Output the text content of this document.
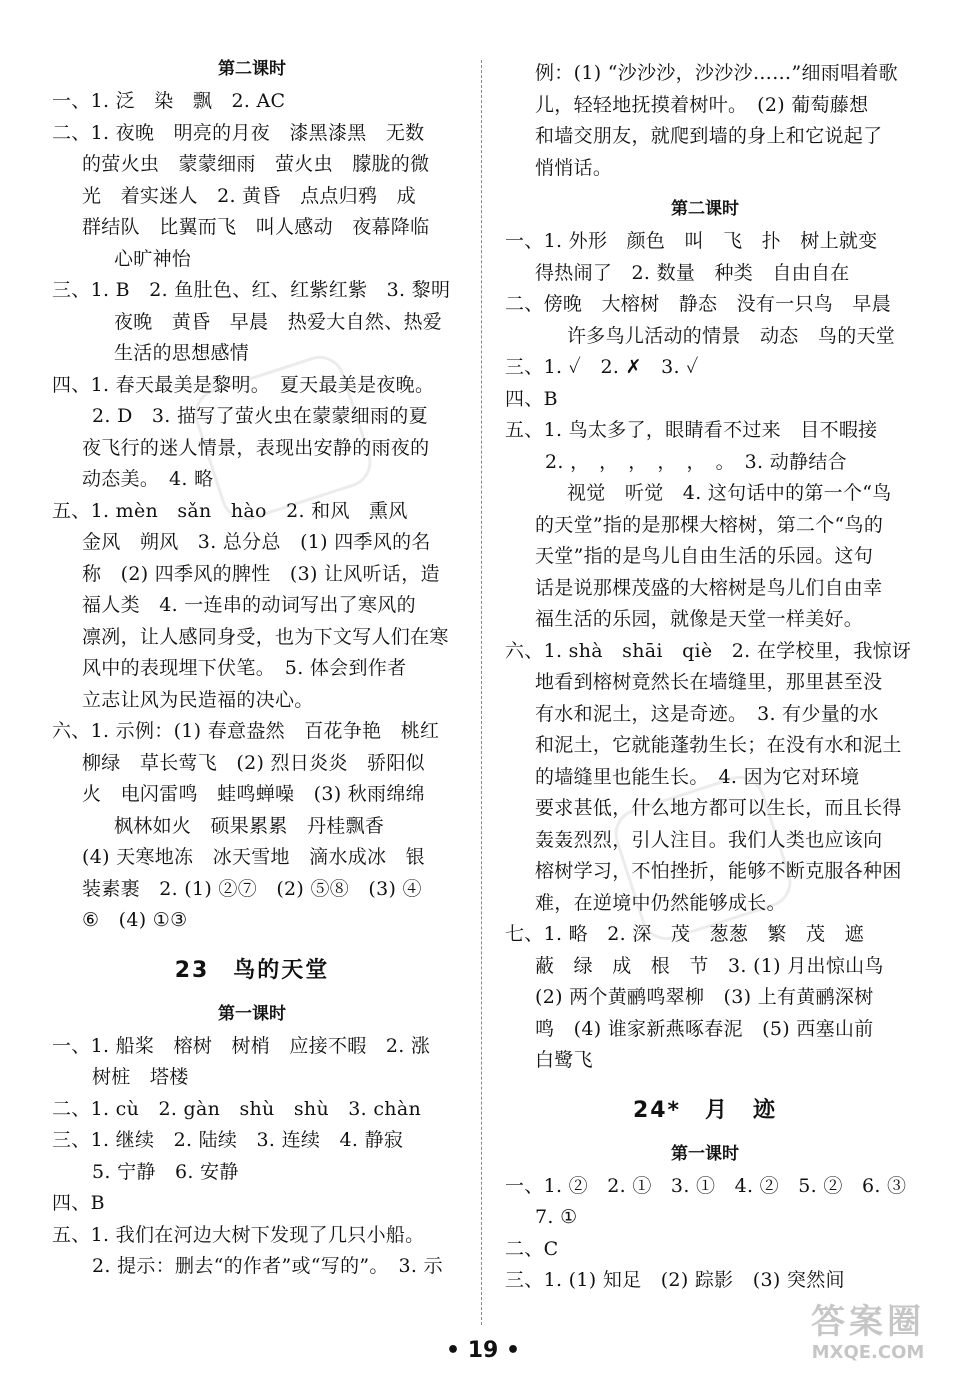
第二课时
一、1. 泛　染　飘　2. AC
二、1. 夜晚　明亮的月夜　漆黑漆黑　无数
的萤火虫　蒙蒙细雨　萤火虫　朦胧的微
光　着实迷人　2. 黄昏　点点归鸦　成
群结队　比翼而飞　叫人感动　夜幕降临
心旷神怡
三、1. B　2. 鱼肚色、红、红紫红紫　3. 黎明
夜晚　黄昏　早晨　热爱大自然、热爱
生活的思想感情
四、1. 春天最美是黎明。　夏天最美是夜晚。
2. D　3. 描写了萤火虫在蒙蒙细雨的夏
夜飞行的迷人情景，表现出安静的雨夜的
动态美。　4. 略
五、1. mèn　sǎn　hào　2. 和风　熏风
金风　朔风　3. 总分总　(1) 四季风的名
称　(2) 四季风的脾性　(3) 让风听话，造
福人类　4. 一连串的动词写出了寒风的
凛冽，让人感同身受，也为下文写人们在寒
风中的表现埋下伏笔。　5. 体会到作者
立志让风为民造福的决心。
六、1. 示例：(1) 春意盎然　百花争艳　桃红
柳绿　草长莺飞　(2) 烈日炎炎　骄阳似
火　电闪雷鸣　蛙鸣蝉噪　(3) 秋雨绵绵
枫林如火　硕果累累　丹桂飘香
(4) 天寒地冻　冰天雪地　滴水成冰　银
装素裹　2. (1) ②⑦　(2) ⑤⑧　(3) ④
⑥　(4) ①③
23　鸟的天堂
第一课时
一、1. 船桨　榕树　树梢　应接不暇　2. 涨
树桩　塔楼
二、1. cù　2. gàn　shù　shù　3. chàn
三、1. 继续　2. 陆续　3. 连续　4. 静寂
5. 宁静　6. 安静
四、B
五、1. 我们在河边大树下发现了几只小船。
2. 提示：删去“的作者”或“写的”。　3. 示
例：(1) “沙沙沙，沙沙沙……”细雨唱着歌
儿，轻轻地抚摸着树叶。　(2) 葡萄藤想
和墙交朋友，就爬到墙的身上和它说起了
悄悄话。
第二课时
一、1. 外形　颜色　叫　飞　扑　树上就变
得热闹了　2. 数量　种类　自由自在
二、傍晚　大榕树　静态　没有一只鸟　早晨
许多鸟儿活动的情景　动态　鸟的天堂
三、1. ✓　2. ✗　3. ✓
四、B
五、1. 鸟太多了，眼睛看不过来　目不暇接
2. ，　，　，　，　，　。　3. 动静结合
视觉　听觉　4. 这句话中的第一个“鸟
的天堂”指的是那棵大榕树，第二个“鸟的
天堂”指的是鸟儿自由生活的乐园。这句
话是说那棵茂盛的大榕树是鸟儿们自由幸
福生活的乐园，就像是天堂一样美好。
六、1. shà　shāi　qiè　2. 在学校里，我惊讶
地看到榕树竟然长在墙缝里，那里甚至没
有水和泥土，这是奇迹。　3. 有少量的水
和泥土，它就能蓬勃生长；在没有水和泥土
的墙缝里也能生长。　4. 因为它对环境
要求甚低，什么地方都可以生长，而且长得
轰轰烈烈，引人注目。我们人类也应该向
榕树学习，不怕挫折，能够不断克服各种困
难，在逆境中仍然能够成长。
七、1. 略　2. 深　茂　葱葱　繁　茂　遮
蔽　绿　成　根　节　3. (1) 月出惊山鸟
(2) 两个黄鹂鸣翠柳　(3) 上有黄鹂深树
鸣　(4) 谁家新燕啄春泥　(5) 西塞山前
白鹭飞
24*　月　迹
第一课时
一、1. ②　2. ①　3. ①　4. ②　5. ②　6. ③
7. ①
二、C
三、1. (1) 知足　(2) 踪影　(3) 突然间
• 19 •
答案圈
MXQE.COM
